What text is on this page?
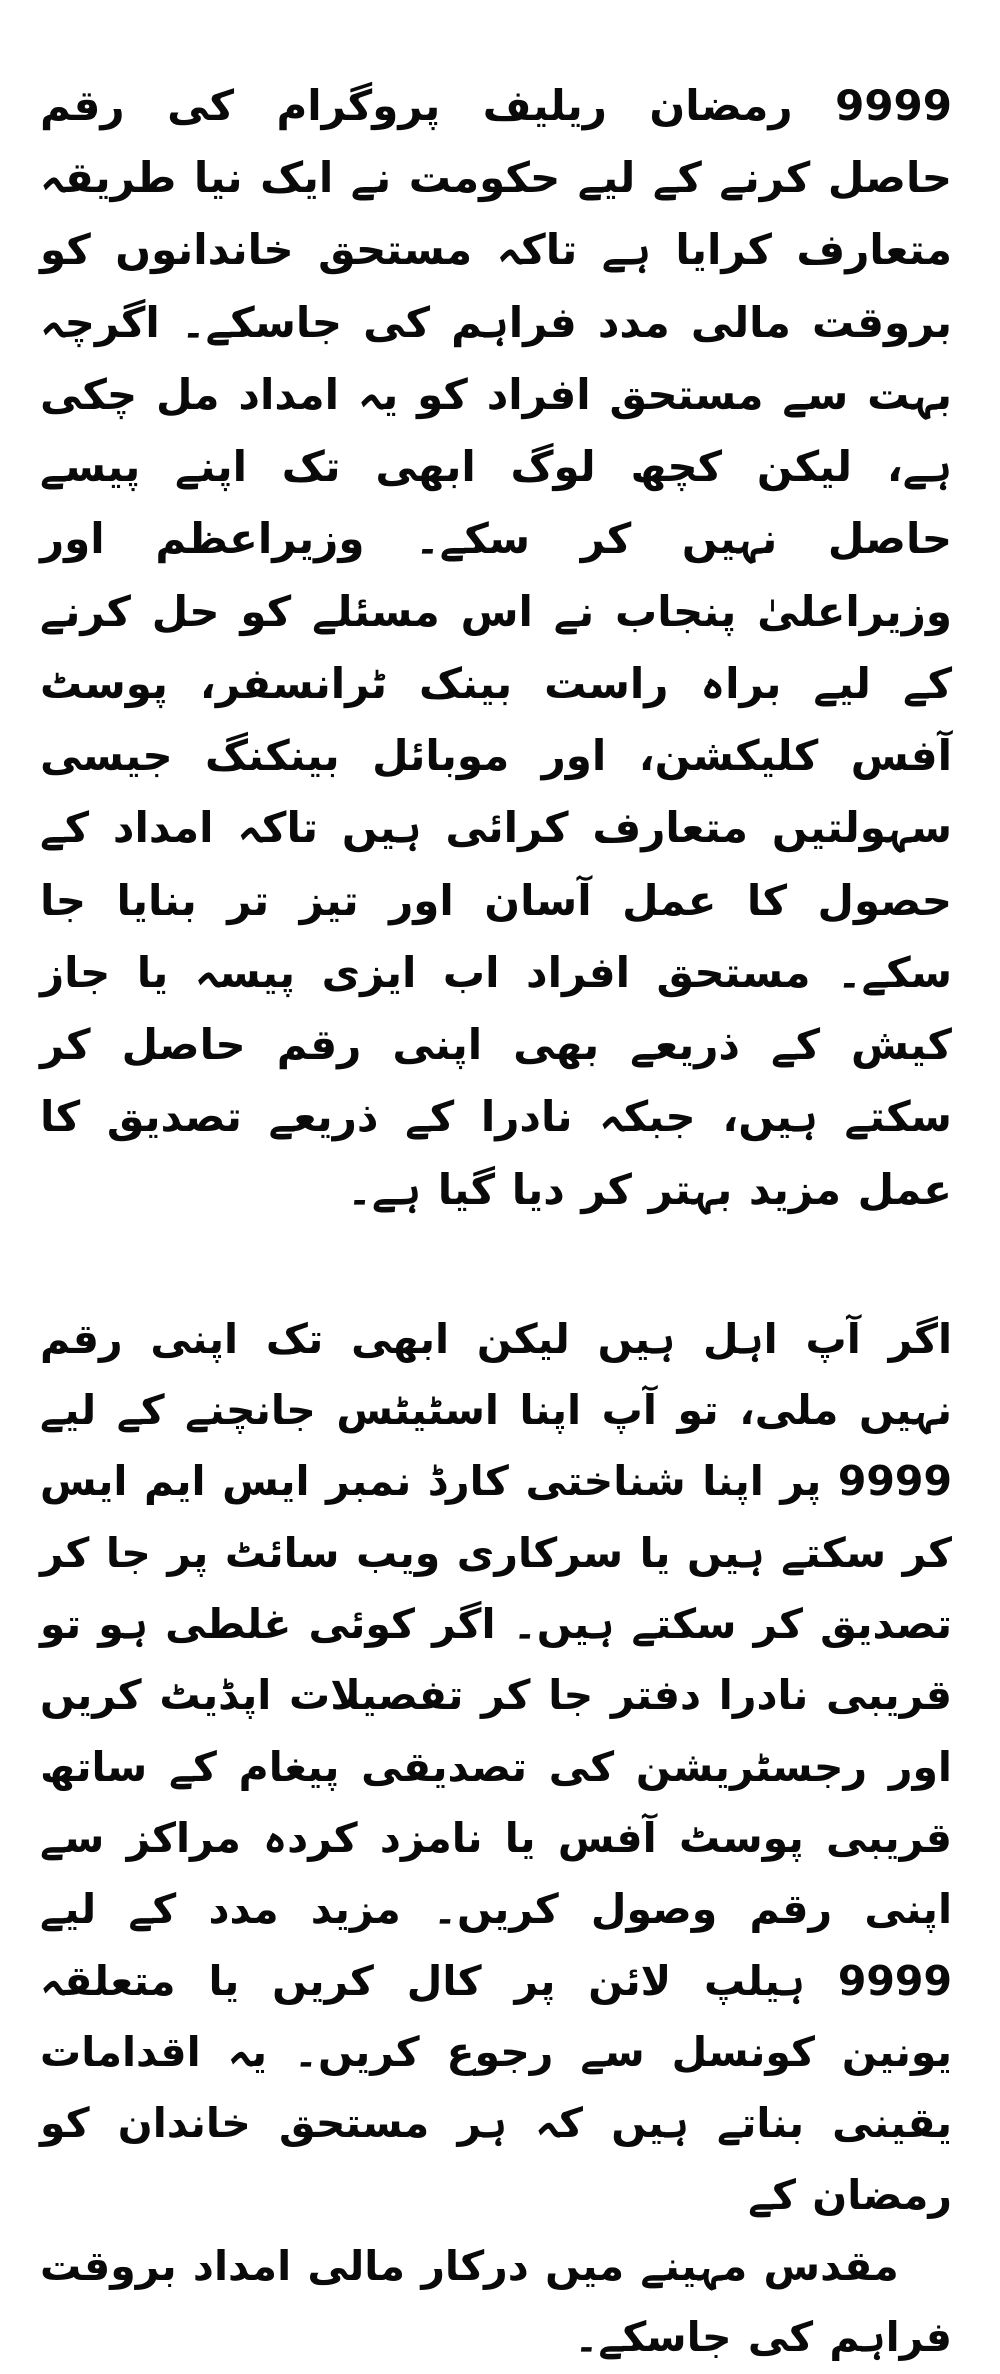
9999 رمضان ریلیف پروگرام کی رقم حاصل کرنے کے لیے حکومت نے ایک نیا طریقہ متعارف کرایا ہے تاکہ مستحق خاندانوں کو بروقت مالی مدد فراہم کی جاسکے۔ اگرچہ بہت سے مستحق افراد کو یہ امداد مل چکی ہے، لیکن کچھ لوگ ابھی تک اپنے پیسے حاصل نہیں کر سکے۔ وزیراعظم اور وزیراعلیٰ پنجاب نے اس مسئلے کو حل کرنے کے لیے براہ راست بینک ٹرانسفر، پوسٹ آفس کلیکشن، اور موبائل بینکنگ جیسی سہولتیں متعارف کرائی ہیں تاکہ امداد کے حصول کا عمل آسان اور تیز تر بنایا جا سکے۔ مستحق افراد اب ایزی پیسہ یا جاز کیش کے ذریعے بھی اپنی رقم حاصل کر سکتے ہیں، جبکہ نادرا کے ذریعے تصدیق کا عمل مزید بہتر کر دیا گیا ہے۔

اگر آپ اہل ہیں لیکن ابھی تک اپنی رقم نہیں ملی، تو آپ اپنا اسٹیٹس جانچنے کے لیے 9999 پر اپنا شناختی کارڈ نمبر ایس ایم ایس کر سکتے ہیں یا سرکاری ویب سائٹ پر جا کر تصدیق کر سکتے ہیں۔ اگر کوئی غلطی ہو تو قریبی نادرا دفتر جا کر تفصیلات اپڈیٹ کریں اور رجسٹریشن کی تصدیقی پیغام کے ساتھ قریبی پوسٹ آفس یا نامزد کردہ مراکز سے اپنی رقم وصول کریں۔ مزید مدد کے لیے 9999 ہیلپ لائن پر کال کریں یا متعلقہ یونین کونسل سے رجوع کریں۔ یہ اقدامات یقینی بناتے ہیں کہ ہر مستحق خاندان کو رمضان کے
مقدس مہینے میں درکار مالی امداد بروقت فراہم کی جاسکے۔
